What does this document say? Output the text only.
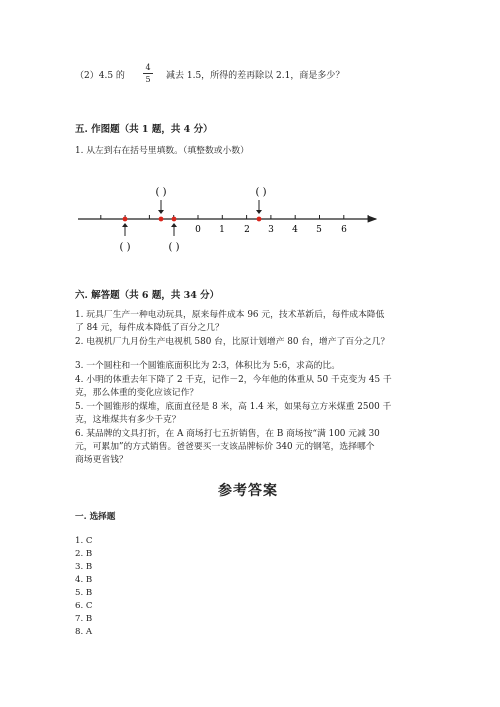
（2）4.5 的
4
5 减去 1.5，所得的差再除以 2.1，商是多少？
五. 作图题（共 1 题，共 4 分）
1. 从左到右在括号里填数。（填整数或小数）
0 1 2 3 4 5 6
( )	( )
( )	( )
六. 解答题（共 6 题，共 34 分）
1. 玩具厂生产一种电动玩具，原来每件成本 96 元，技术革新后，每件成本降低
了 84 元，每件成本降低了百分之几？
2. 电视机厂九月份生产电视机 580 台，比原计划增产 80 台，增产了百分之几？
3. 一个圆柱和一个圆锥底面积比为 2:3，体积比为 5:6，求高的比。
4. 小明的体重去年下降了 2 千克，记作－2，今年他的体重从 50 千克变为 45 千
克，那么体重的变化应该记作？
5. 一个圆锥形的煤堆，底面直径是 8 米，高 1.4 米，如果每立方米煤重 2500 千
克，这堆煤共有多少千克？
6. 某品牌的文具打折，在 A 商场打七五折销售，在 B 商场按“满 100 元减 30
元，可累加”的方式销售。爸爸要买一支该品牌标价 340 元的钢笔，选择哪个
商场更省钱？
参考答案
一. 选择题
1. C
2. B
3. B
4. B
5. B
6. C
7. B
8. A
